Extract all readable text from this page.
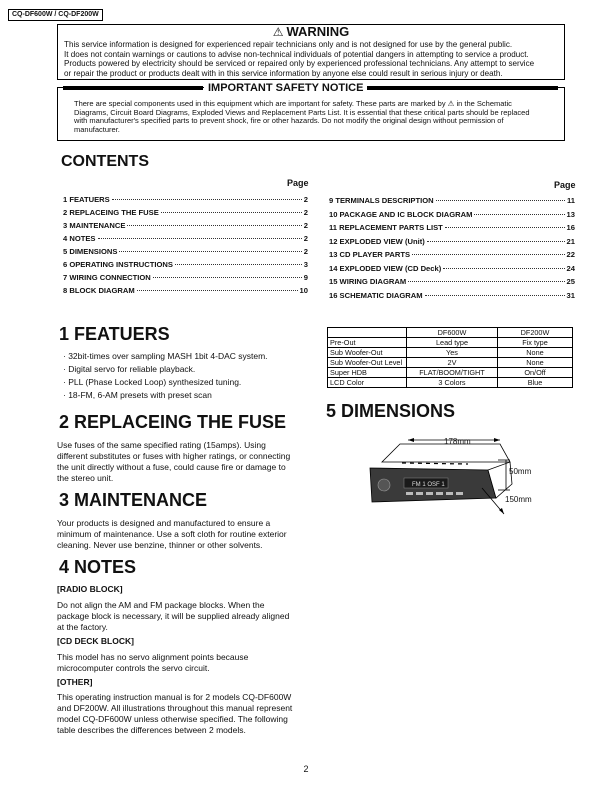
CQ-DF600W / CQ-DF200W
⚠ WARNING
This service information is designed for experienced repair technicians only and is not designed for use by the general public.
It does not contain warnings or cautions to advise non-technical individuals of potential dangers in attempting to service a product.
Products powered by electricity should be serviced or repaired only by experienced professional technicians. Any attempt to service
or repair the product or products dealt with in this service information by anyone else could result in serious injury or death.
IMPORTANT SAFETY NOTICE
There are special components used in this equipment which are important for safety. These parts are marked by ⚠ in the Schematic
Diagrams, Circuit Board Diagrams, Exploded Views and Replacement Parts List. It is essential that these critical parts should be replaced
with manufacturer's specified parts to prevent shock, fire or other hazards. Do not modify the original design without permission of
manufacturer.
CONTENTS
Page	Page
1 FEATUERS	2
2 REPLACEING THE FUSE	2
3 MAINTENANCE	2
4 NOTES	2
5 DIMENSIONS	2
6 OPERATING INSTRUCTIONS	3
7 WIRING CONNECTION	9
8 BLOCK DIAGRAM	10
9 TERMINALS DESCRIPTION	11
10 PACKAGE AND IC BLOCK DIAGRAM	13
11 REPLACEMENT PARTS LIST	16
12 EXPLODED VIEW (Unit)	21
13 CD PLAYER PARTS	22
14 EXPLODED VIEW (CD Deck)	24
15 WIRING DIAGRAM	25
16 SCHEMATIC DIAGRAM	31
1 FEATUERS
· 32bit-times over sampling MASH 1bit 4-DAC system.
· Digital servo for reliable playback.
· PLL (Phase Locked Loop) synthesized tuning.
· 18-FM, 6-AM presets with preset scan
2 REPLACEING THE FUSE
Use fuses of the same specified rating (15amps). Using
different substitutes or fuses with higher ratings, or connecting
the unit directly without a fuse, could cause fire or damage to
the stereo unit.
3 MAINTENANCE
Your products is designed and manufactured to ensure a
minimum of maintenance. Use a soft cloth for routine exterior
cleaning. Never use benzine, thinner or other solvents.
4 NOTES
[RADIO BLOCK]
Do not align the AM and FM package blocks. When the
package block is necessary, it will be supplied already aligned
at the factory.
[CD DECK BLOCK]
This model has no servo alignment points because
microcomputer controls the servo circuit.
[OTHER]
This operating instruction manual is for 2 models CQ-DF600W
and DF200W. All illustrations throughout this manual represent
model CQ-DF600W unless otherwise specified. The following
table describes the differences between 2 models.
	DF600W	DF200W
Pre-Out	Lead type	Fix type
Sub Woofer-Out	Yes	None
Sub Woofer-Out Level	2V	None
Super HDB	FLAT/BOOM/TIGHT	On/Off
LCD Color	3 Colors	Blue
5 DIMENSIONS
FM 1 OSF 1
178mm
50mm
150mm
2
